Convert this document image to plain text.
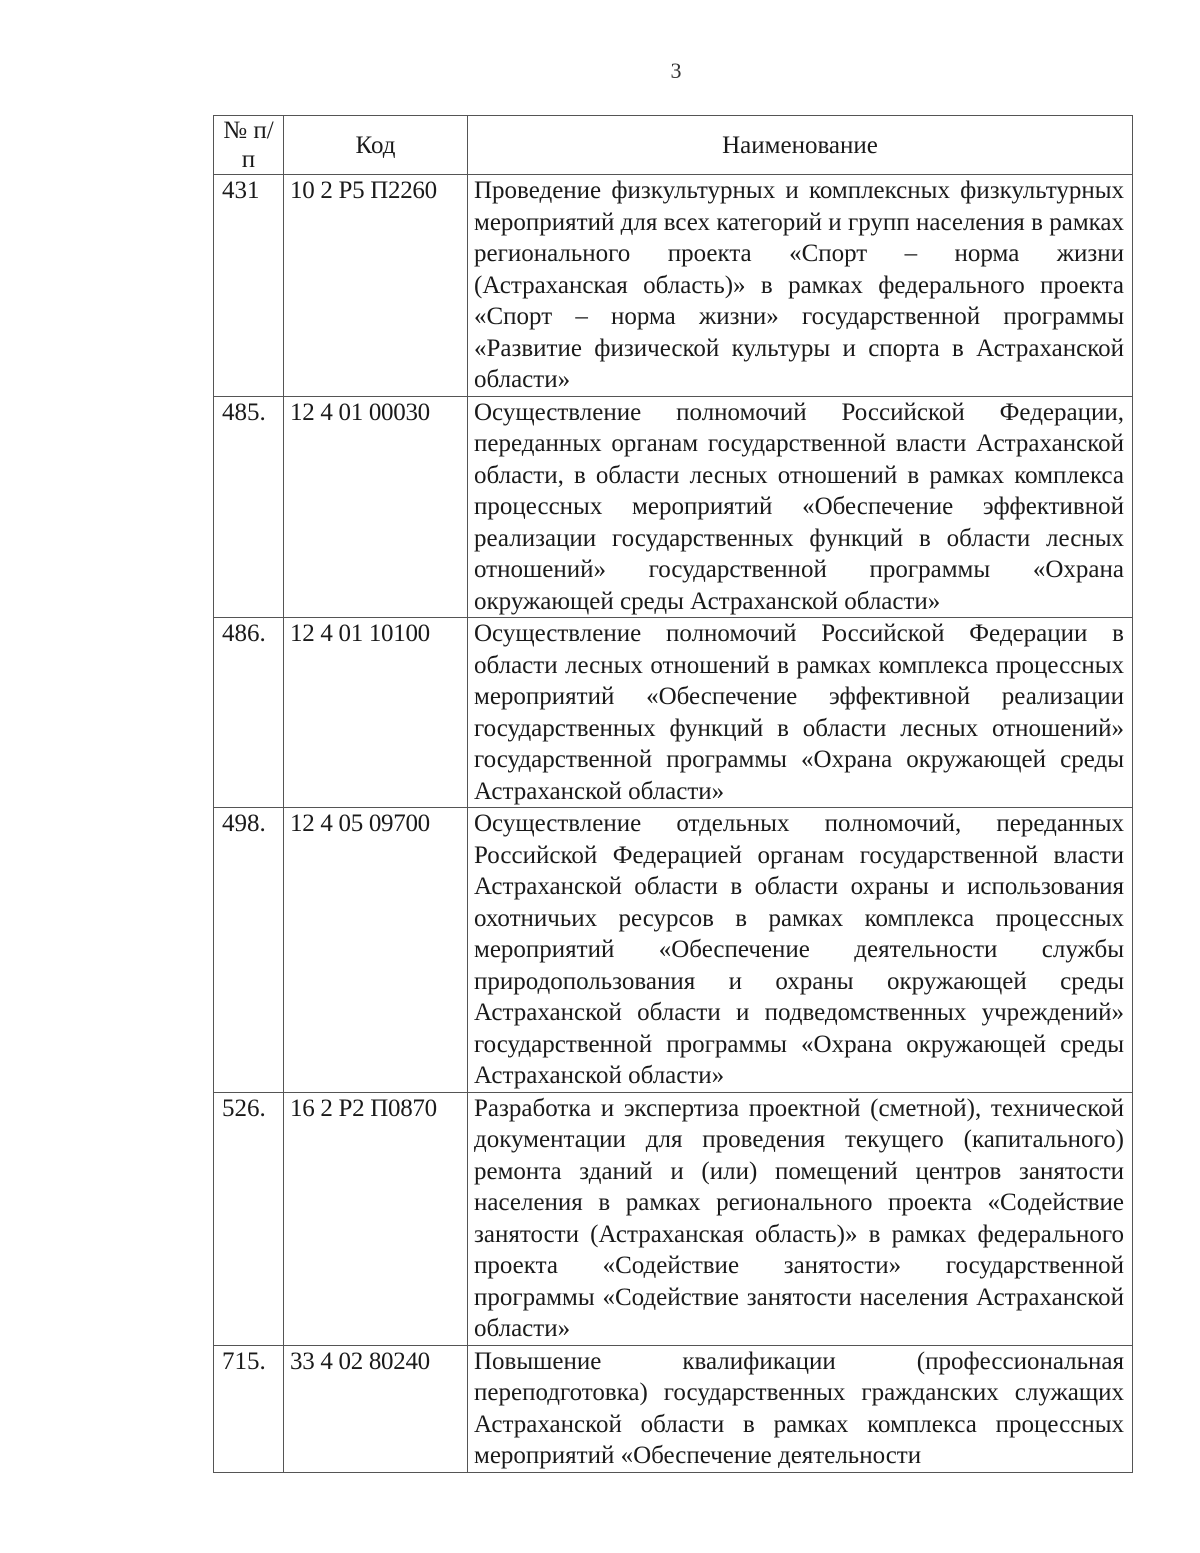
3
№ п/п	Код	Наименование
431	10 2 P5 П2260	Проведение физкультурных и комплексных физкультурных мероприятий для всех категорий и групп населения в рамках регионального проекта «Спорт – норма жизни (Астраханская область)» в рамках федерального проекта «Спорт – норма жизни» государственной программы «Развитие физической культуры и спорта в Астраханской области»
485.	12 4 01 00030	Осуществление полномочий Российской Федерации, переданных органам государственной власти Астраханской области, в области лесных отношений в рамках комплекса процессных мероприятий «Обеспечение эффективной реализации государственных функций в области лесных отношений» государственной программы «Охрана окружающей среды Астраханской области»
486.	12 4 01 10100	Осуществление полномочий Российской Федерации в области лесных отношений в рамках комплекса процессных мероприятий «Обеспечение эффективной реализации государственных функций в области лесных отношений» государственной программы «Охрана окружающей среды Астраханской области»
498.	12 4 05 09700	Осуществление отдельных полномочий, переданных Российской Федерацией органам государственной власти Астраханской области в области охраны и использования охотничьих ресурсов в рамках комплекса процессных мероприятий «Обеспечение деятельности службы природопользования и охраны окружающей среды Астраханской области и подведомственных учреждений» государственной программы «Охрана окружающей среды Астраханской области»
526.	16 2 P2 П0870	Разработка и экспертиза проектной (сметной), технической документации для проведения текущего (капитального) ремонта зданий и (или) помещений центров занятости населения в рамках регионального проекта «Содействие занятости (Астраханская область)» в рамках федерального проекта «Содействие занятости» государственной программы «Содействие занятости населения Астраханской области»
715.	33 4 02 80240	Повышение квалификации (профессиональная переподготовка) государственных гражданских служащих Астраханской области в рамках комплекса процессных мероприятий «Обеспечение деятельности
